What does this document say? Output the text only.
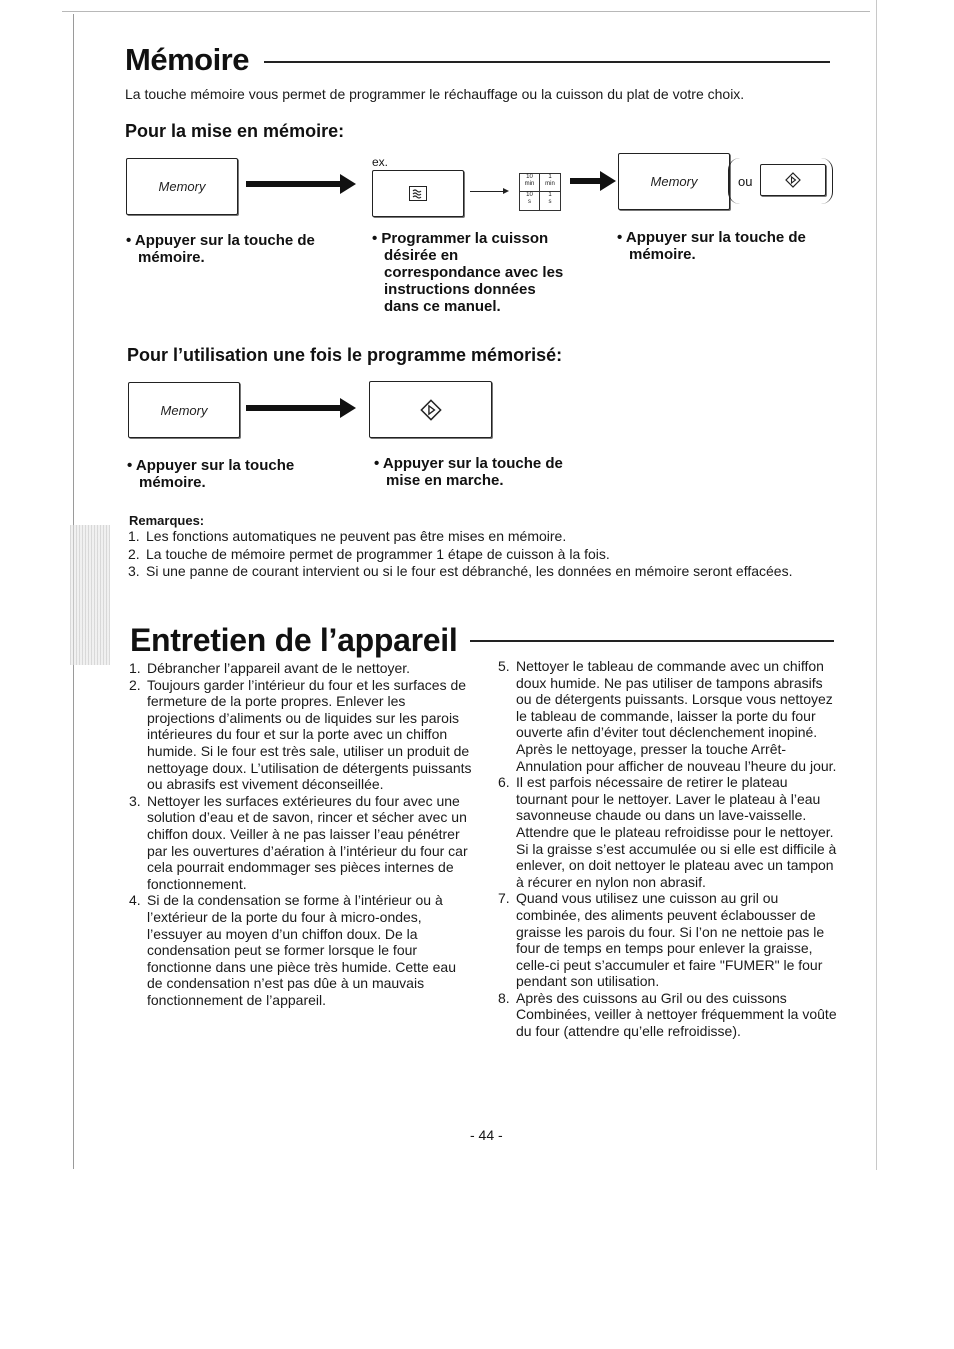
Mémoire
La touche mémoire vous permet de programmer le réchauffage ou la cuisson du plat de votre choix.
Pour la mise en mémoire:
Memory
ex.
10
min
1
min
10
s
1
s
Memory	ou
• Appuyer sur la touche de
mémoire.
• Programmer la cuisson
désirée en
correspondance avec les
instructions données
dans ce manuel.
• Appuyer sur la touche de
mémoire.
Pour l’utilisation une fois le programme mémorisé:
Memory
• Appuyer sur la touche
mémoire.
• Appuyer sur la touche de
mise en marche.
Remarques:
1. Les fonctions automatiques ne peuvent pas être mises en mémoire.
2. La touche de mémoire permet de programmer 1 étape de cuisson à la fois.
3. Si une panne de courant intervient ou si le four est débranché, les données en mémoire seront effacées.
Entretien de l’appareil
1. Débrancher l’appareil avant de le nettoyer.
2. Toujours garder l’intérieur du four et les surfaces de fermeture de la porte propres. Enlever les projections d’aliments ou de liquides sur les parois intérieures du four et sur la porte avec un chiffon humide. Si le four est très sale, utiliser un produit de nettoyage doux. L’utilisation de détergents puissants ou abrasifs est vivement déconseillée.
3. Nettoyer les surfaces extérieures du four avec une solution d’eau et de savon, rincer et sécher avec un chiffon doux. Veiller à ne pas laisser l’eau pénétrer par les ouvertures d’aération à l’intérieur du four car cela pourrait endommager ses pièces internes de fonctionnement.
4. Si de la condensation se forme à l’intérieur ou à l’extérieur de la porte du four à micro-ondes, l’essuyer au moyen d’un chiffon doux. De la condensation peut se former lorsque le four fonctionne dans une pièce très humide. Cette eau de condensation n’est pas dûe à un mauvais fonctionnement de l’appareil.
5. Nettoyer le tableau de commande avec un chiffon doux humide. Ne pas utiliser de tampons abrasifs ou de détergents puissants. Lorsque vous nettoyez le tableau de commande, laisser la porte du four ouverte afin d’éviter tout déclenchement inopiné. Après le nettoyage, presser la touche Arrêt-Annulation pour afficher de nouveau l’heure du jour.
6. Il est parfois nécessaire de retirer le plateau tournant pour le nettoyer. Laver le plateau à l’eau savonneuse chaude ou dans un lave-vaisselle. Attendre que le plateau refroidisse pour le nettoyer. Si la graisse s’est accumulée ou si elle est difficile à enlever, on doit nettoyer le plateau avec un tampon à récurer en nylon non abrasif.
7. Quand vous utilisez une cuisson au gril ou combinée, des aliments peuvent éclabousser de graisse les parois du four. Si l’on ne nettoie pas le four de temps en temps pour enlever la graisse, celle-ci peut s’accumuler et faire "FUMER" le four pendant son utilisation.
8. Après des cuissons au Gril ou des cuissons Combinées, veiller à nettoyer fréquemment la voûte du four (attendre qu’elle refroidisse).
- 44 -
